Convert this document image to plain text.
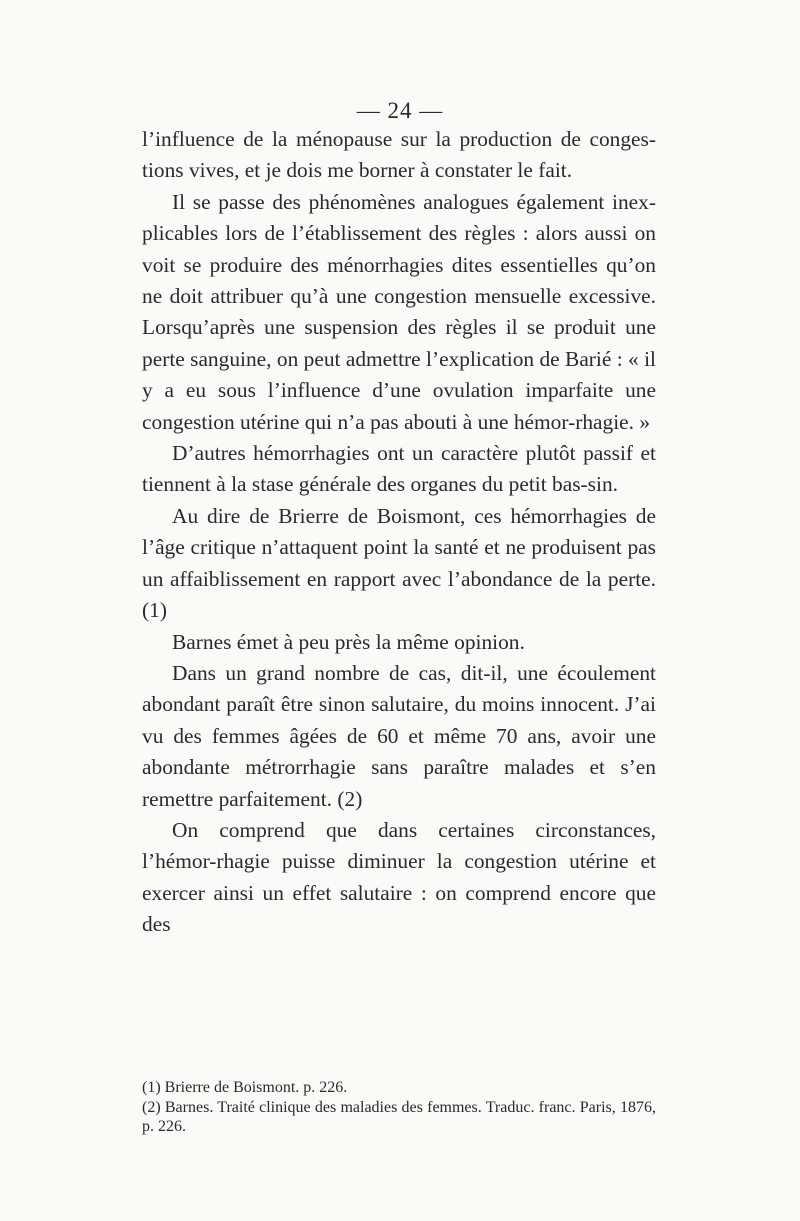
— 24 —

l’influence de la ménopause sur la production de conges-tions vives, et je dois me borner à constater le fait.

Il se passe des phénomènes analogues également inex-plicables lors de l’établissement des règles : alors aussi on voit se produire des ménorrhagies dites essentielles qu’on ne doit attribuer qu’à une congestion mensuelle excessive. Lorsqu’après une suspension des règles il se produit une perte sanguine, on peut admettre l’explication de Barié : « il y a eu sous l’influence d’une ovulation imparfaite une congestion utérine qui n’a pas abouti à une hémor-rhagie. »

D’autres hémorrhagies ont un caractère plutôt passif et tiennent à la stase générale des organes du petit bas-sin.

Au dire de Brierre de Boismont, ces hémorrhagies de l’âge critique n’attaquent point la santé et ne produisent pas un affaiblissement en rapport avec l’abondance de la perte. (1)

Barnes émet à peu près la même opinion.

Dans un grand nombre de cas, dit-il, une écoulement abondant paraît être sinon salutaire, du moins innocent. J’ai vu des femmes âgées de 60 et même 70 ans, avoir une abondante métrorrhagie sans paraître malades et s’en remettre parfaitement. (2)

On comprend que dans certaines circonstances, l’hémor-rhagie puisse diminuer la congestion utérine et exercer ainsi un effet salutaire : on comprend encore que des

(1) Brierre de Boismont. p. 226.

(2) Barnes. Traité clinique des maladies des femmes. Traduc. franc. Paris, 1876, p. 226.
